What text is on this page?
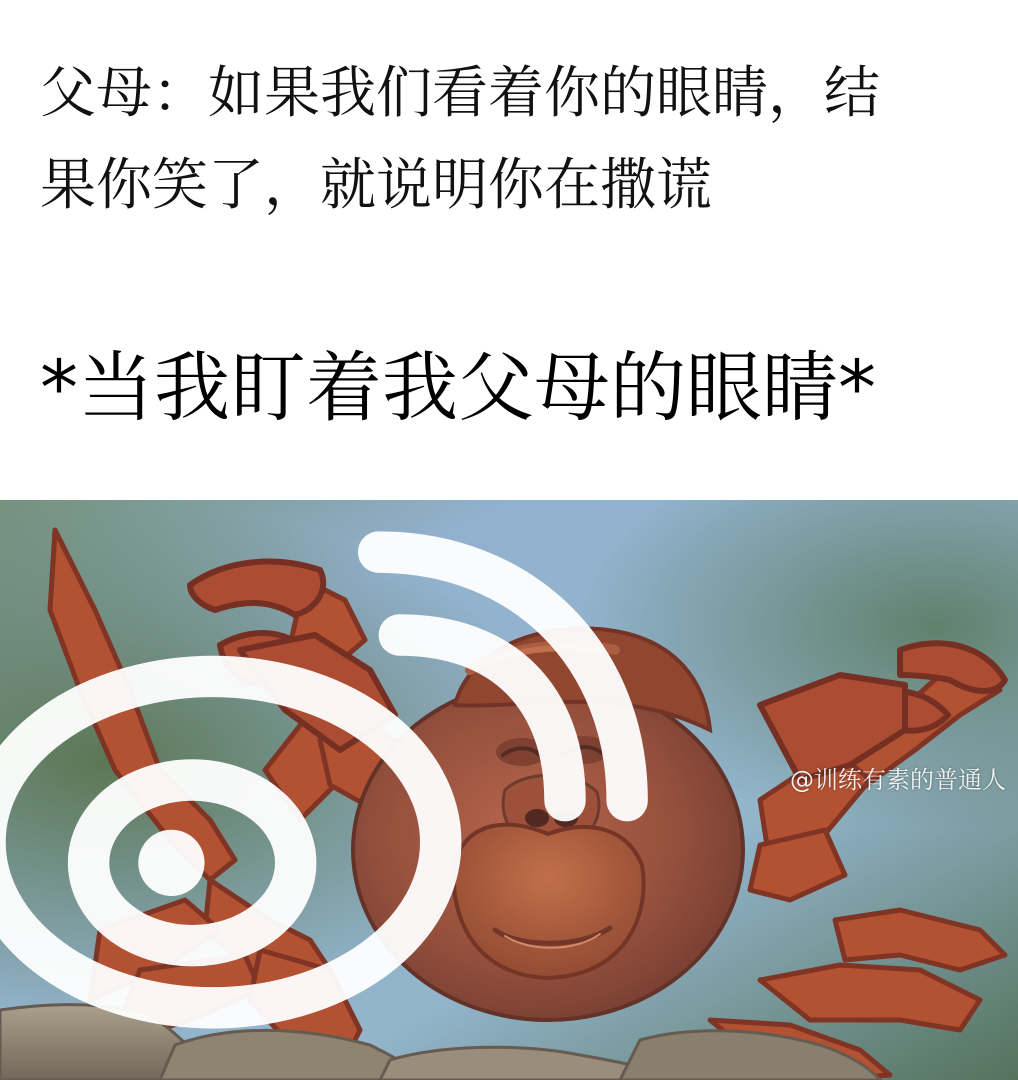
父母：如果我们看着你的眼睛，结
果你笑了，就说明你在撒谎
*当我盯着我父母的眼睛*
@训练有素的普通人
